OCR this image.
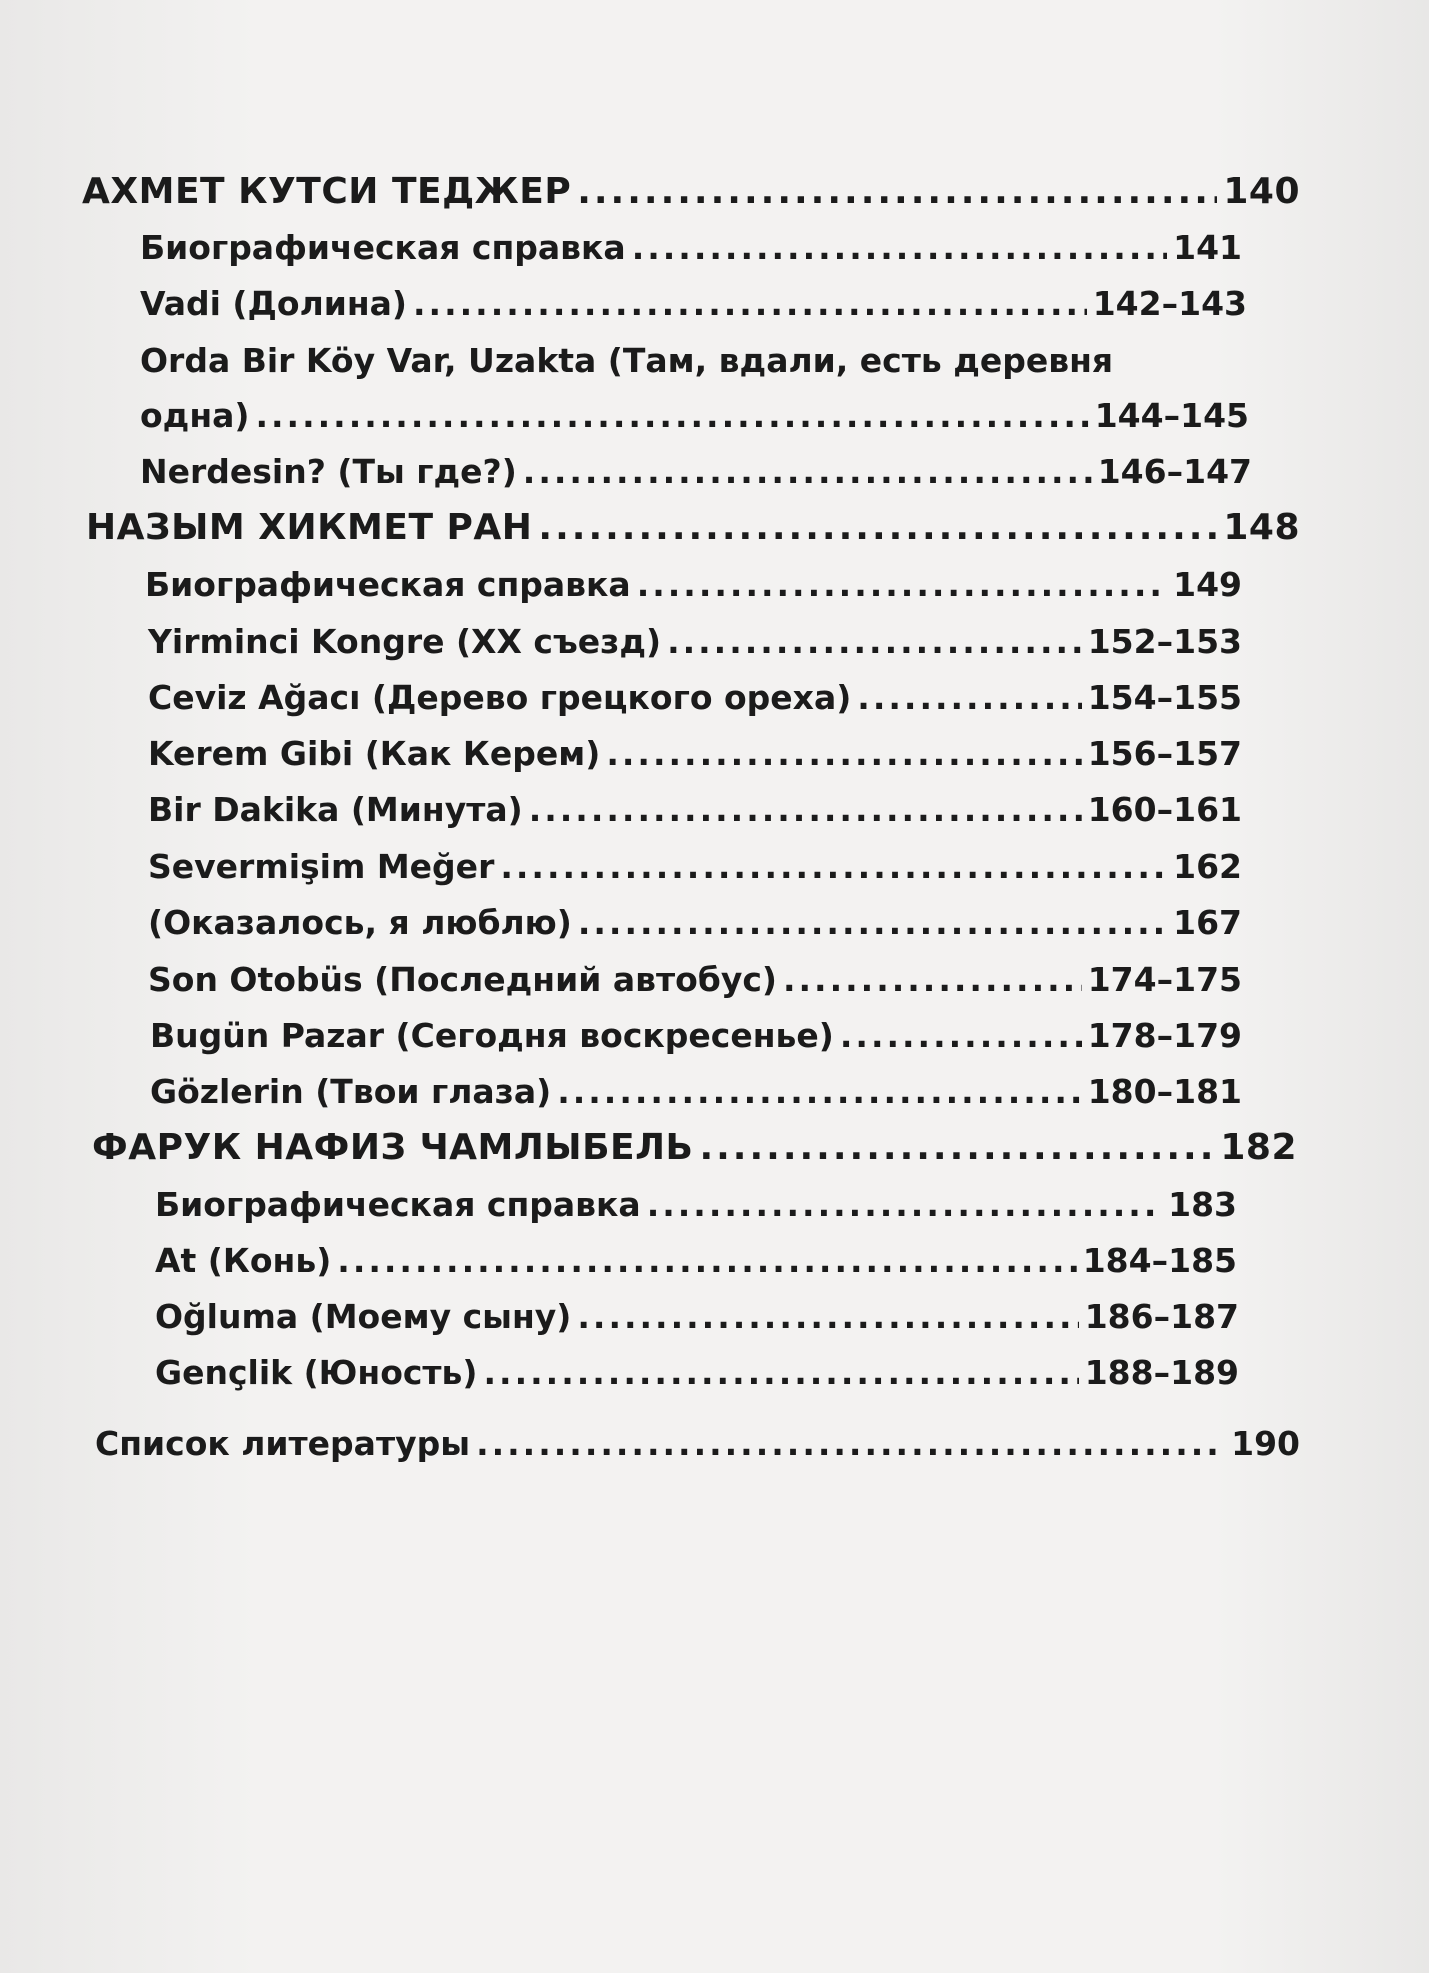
АХМЕТ КУТСИ ТЕДЖЕР .....	140
Биографическая справка .....	141
Vadi (Долина) .....	142–143
Orda Bir Köy Var, Uzakta (Там, вдали, есть деревня
одна) .....	144–145
Nerdesin? (Ты где?) .....	146–147
НАЗЫМ ХИКМЕТ РАН .....	148
Биографическая справка .....	149
Yirminci Kongre (XX съезд) .....	152–153
Ceviz Ağacı (Дерево грецкого ореха) .....	154–155
Kerem Gibi (Как Керем) .....	156–157
Bir Dakika (Минута) .....	160–161
Severmişim Meğer .....	162
(Оказалось, я люблю) .....	167
Son Otobüs (Последний автобус) .....	174–175
Bugün Pazar (Сегодня воскресенье) .....	178–179
Gözlerin (Твои глаза) .....	180–181
ФАРУК НАФИЗ ЧАМЛЫБЕЛЬ .....	182
Биографическая справка .....	183
At (Конь) .....	184–185
Oğluma (Моему сыну) .....	186–187
Gençlik (Юность) .....	188–189
Список литературы .....	190
